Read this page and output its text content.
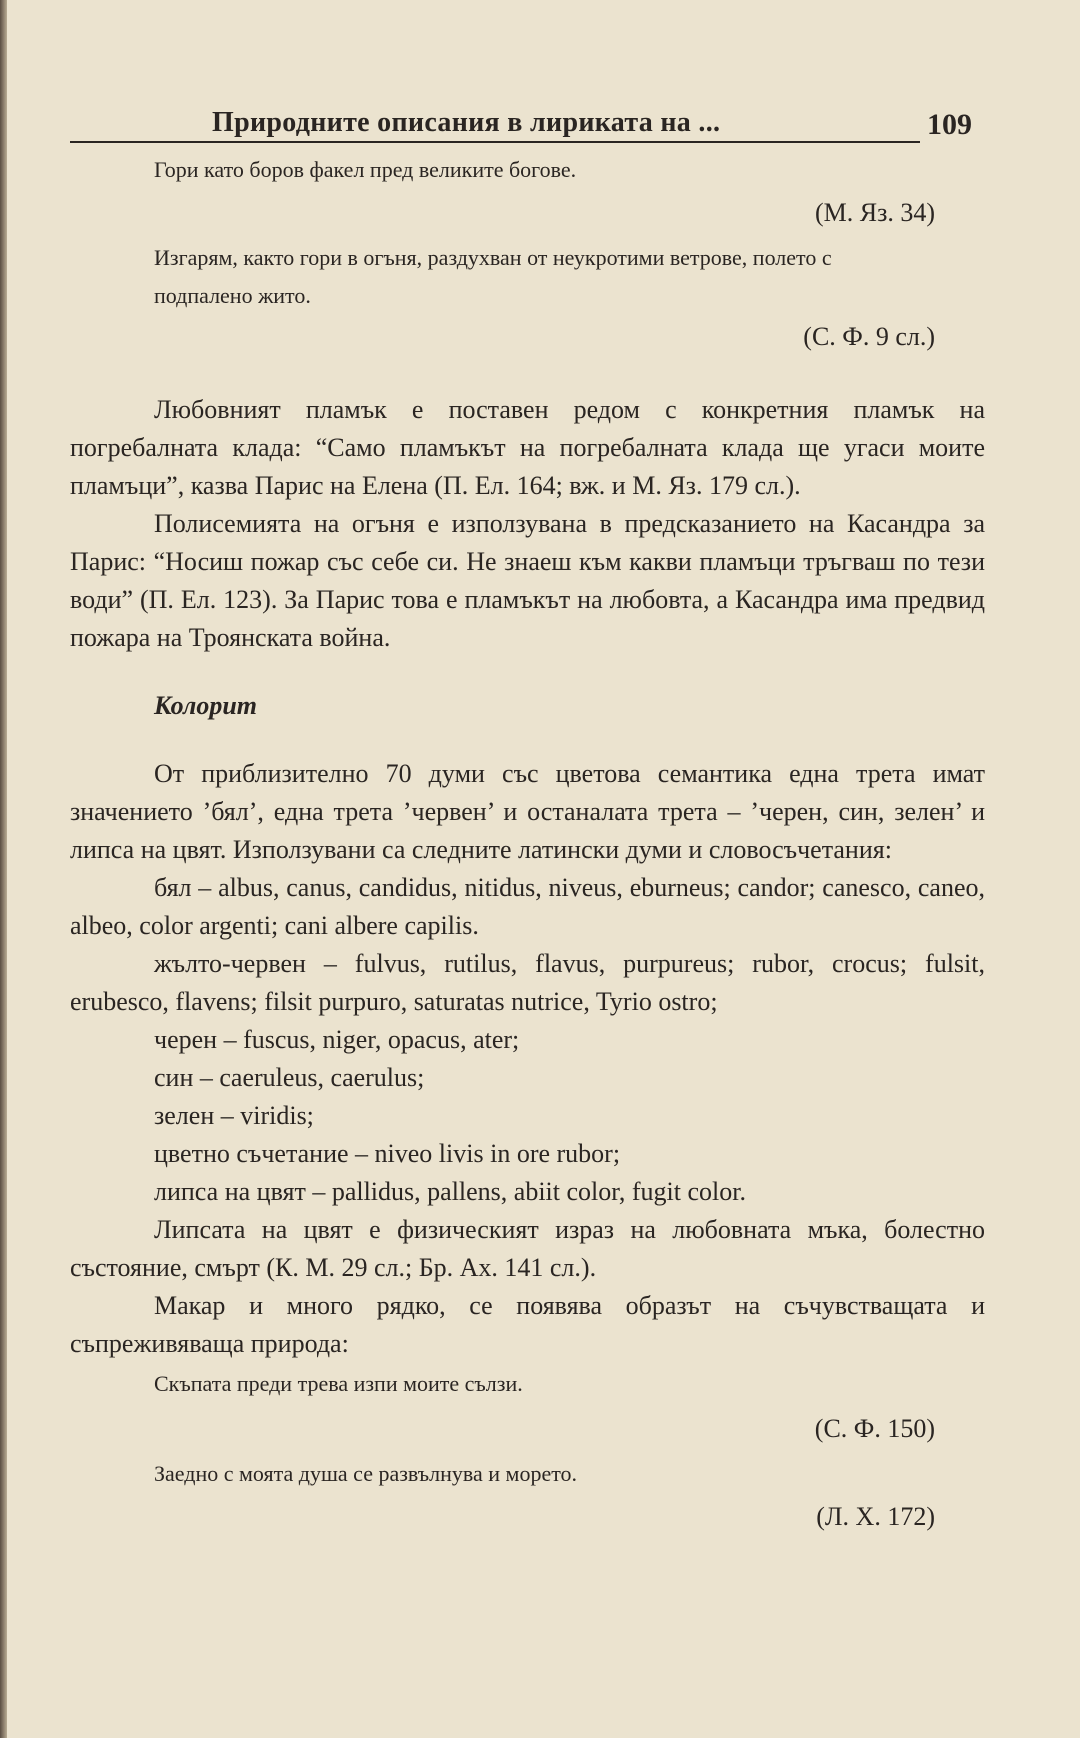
Природните описания в лириката на ...	109

Гори като боров факел пред великите богове.

(М. Яз. 34)

Изгарям, както гори в огъня, раздухван от неукротими ветрове, полето с подпалено жито.

(С. Ф. 9 сл.)

Любовният пламък е поставен редом с конкретния пламък на погребалната клада: “Само пламъкът на погребалната клада ще угаси моите пламъци”, казва Парис на Елена (П. Ел. 164; вж. и М. Яз. 179 сл.).

Полисемията на огъня е използувана в предсказанието на Касандра за Парис: “Носиш пожар със себе си. Не знаеш към какви пламъци тръгваш по тези води” (П. Ел. 123). За Парис това е пламъкът на любовта, а Касандра има предвид пожара на Троянската война.

Колорит

От приблизително 70 думи със цветова семантика една трета имат значението ’бял’, една трета ’червен’ и останалата трета – ’черен, син, зелен’ и липса на цвят. Използувани са следните латински думи и словосъчетания:

бял – albus, canus, candidus, nitidus, niveus, eburneus; candor; canesco, caneo, albeo, color argenti; cani albere capilis.

жълто-червен – fulvus, rutilus, flavus, purpureus; rubor, crocus; fulsit, erubesco, flavens; filsit purpuro, saturatas nutrice, Tyrio ostro;

черен – fuscus, niger, opacus, ater;

син – caeruleus, caerulus;

зелен – viridis;

цветно съчетание – niveo livis in ore rubor;

липса на цвят – pallidus, pallens, abiit color, fugit color.

Липсата на цвят е физическият израз на любовната мъка, болестно състояние, смърт (К. М. 29 сл.; Бр. Ах. 141 сл.).

Макар и много рядко, се появява образът на съчувстващата и съпреживяваща природа:

Скъпата преди трева изпи моите сълзи.

(С. Ф. 150)

Заедно с моята душа се развълнува и морето.

(Л. Х. 172)
